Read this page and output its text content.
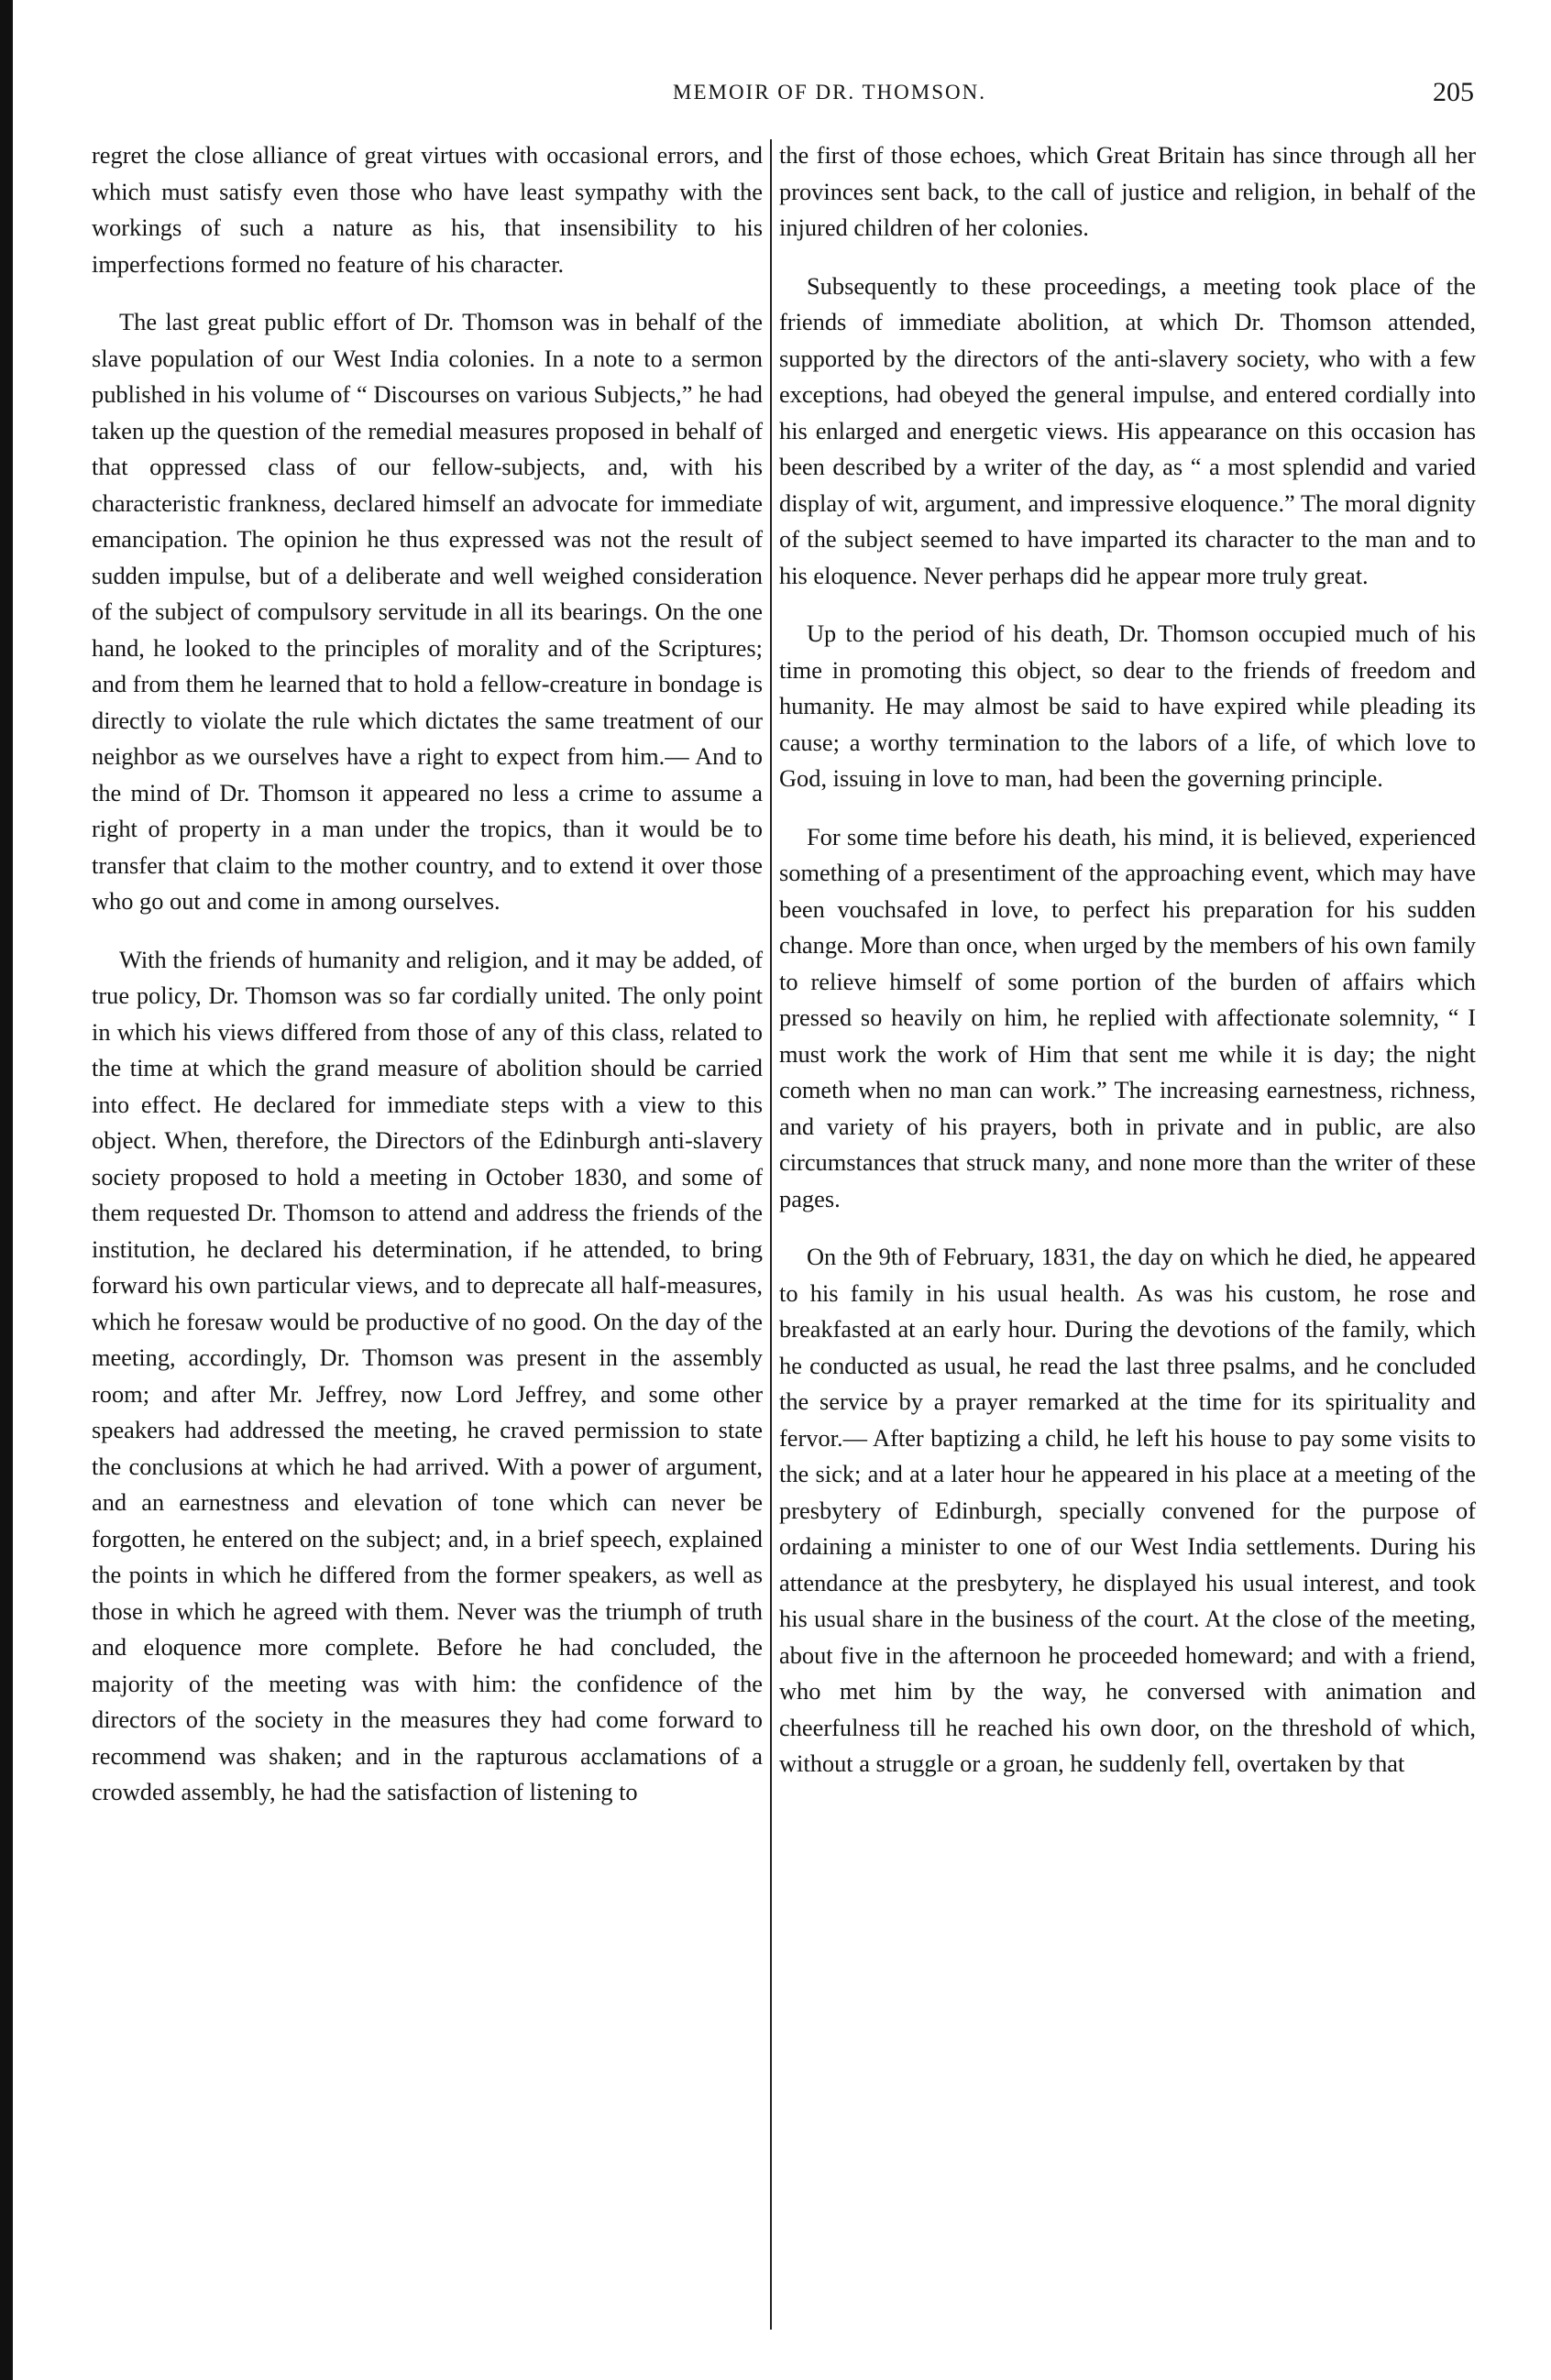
MEMOIR OF DR. THOMSON.	205

regret the close alliance of great virtues with occasional errors, and which must satisfy even those who have least sympathy with the workings of such a nature as his, that insensibility to his imperfections formed no feature of his character.

The last great public effort of Dr. Thomson was in behalf of the slave population of our West India colonies. In a note to a sermon published in his volume of “ Discourses on various Subjects,” he had taken up the question of the remedial measures proposed in behalf of that oppressed class of our fellow-subjects, and, with his characteristic frankness, declared himself an advocate for immediate emancipation. The opinion he thus expressed was not the result of sudden impulse, but of a deliberate and well weighed consideration of the subject of compulsory servitude in all its bearings. On the one hand, he looked to the principles of morality and of the Scriptures; and from them he learned that to hold a fellow-creature in bondage is directly to violate the rule which dictates the same treatment of our neighbor as we ourselves have a right to expect from him.— And to the mind of Dr. Thomson it appeared no less a crime to assume a right of property in a man under the tropics, than it would be to transfer that claim to the mother country, and to extend it over those who go out and come in among ourselves.

With the friends of humanity and religion, and it may be added, of true policy, Dr. Thomson was so far cordially united. The only point in which his views differed from those of any of this class, related to the time at which the grand measure of abolition should be carried into effect. He declared for immediate steps with a view to this object. When, therefore, the Directors of the Edinburgh anti-slavery society proposed to hold a meeting in October 1830, and some of them requested Dr. Thomson to attend and address the friends of the institution, he declared his determination, if he attended, to bring forward his own particular views, and to deprecate all half-measures, which he foresaw would be productive of no good. On the day of the meeting, accordingly, Dr. Thomson was present in the assembly room; and after Mr. Jeffrey, now Lord Jeffrey, and some other speakers had addressed the meeting, he craved permission to state the conclusions at which he had arrived. With a power of argument, and an earnestness and elevation of tone which can never be forgotten, he entered on the subject; and, in a brief speech, explained the points in which he differed from the former speakers, as well as those in which he agreed with them. Never was the triumph of truth and eloquence more complete. Before he had concluded, the majority of the meeting was with him: the confidence of the directors of the society in the measures they had come forward to recommend was shaken; and in the rapturous acclamations of a crowded assembly, he had the satisfaction of listening to

the first of those echoes, which Great Britain has since through all her provinces sent back, to the call of justice and religion, in behalf of the injured children of her colonies.

Subsequently to these proceedings, a meeting took place of the friends of immediate abolition, at which Dr. Thomson attended, supported by the directors of the anti-slavery society, who with a few exceptions, had obeyed the general impulse, and entered cordially into his enlarged and energetic views. His appearance on this occasion has been described by a writer of the day, as “ a most splendid and varied display of wit, argument, and impressive eloquence.” The moral dignity of the subject seemed to have imparted its character to the man and to his eloquence. Never perhaps did he appear more truly great.

Up to the period of his death, Dr. Thomson occupied much of his time in promoting this object, so dear to the friends of freedom and humanity. He may almost be said to have expired while pleading its cause; a worthy termination to the labors of a life, of which love to God, issuing in love to man, had been the governing principle.

For some time before his death, his mind, it is believed, experienced something of a presentiment of the approaching event, which may have been vouchsafed in love, to perfect his preparation for his sudden change. More than once, when urged by the members of his own family to relieve himself of some portion of the burden of affairs which pressed so heavily on him, he replied with affectionate solemnity, “ I must work the work of Him that sent me while it is day; the night cometh when no man can work.” The increasing earnestness, richness, and variety of his prayers, both in private and in public, are also circumstances that struck many, and none more than the writer of these pages.

On the 9th of February, 1831, the day on which he died, he appeared to his family in his usual health. As was his custom, he rose and breakfasted at an early hour. During the devotions of the family, which he conducted as usual, he read the last three psalms, and he concluded the service by a prayer remarked at the time for its spirituality and fervor.— After baptizing a child, he left his house to pay some visits to the sick; and at a later hour he appeared in his place at a meeting of the presbytery of Edinburgh, specially convened for the purpose of ordaining a minister to one of our West India settlements. During his attendance at the presbytery, he displayed his usual interest, and took his usual share in the business of the court. At the close of the meeting, about five in the afternoon he proceeded homeward; and with a friend, who met him by the way, he conversed with animation and cheerfulness till he reached his own door, on the threshold of which, without a struggle or a groan, he suddenly fell, overtaken by that
